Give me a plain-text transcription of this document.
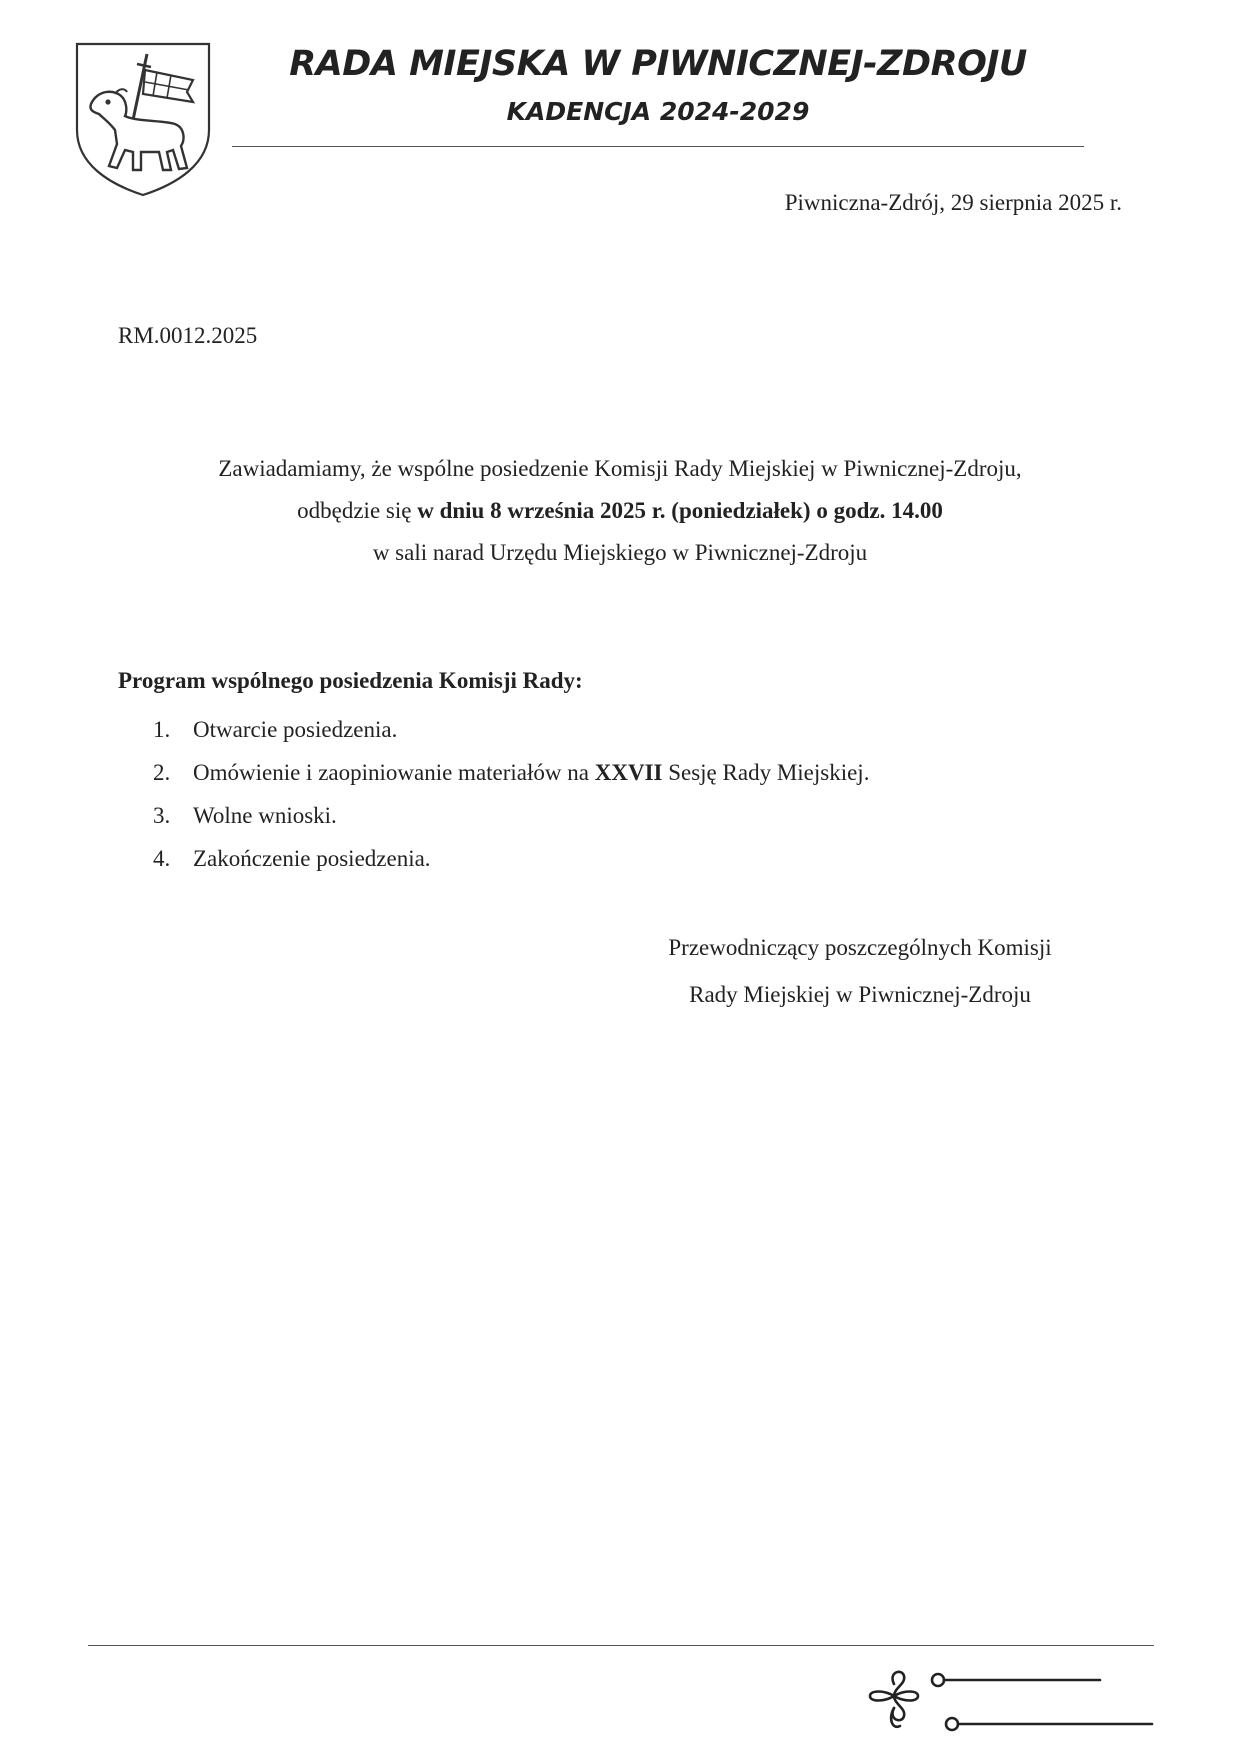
RADA MIEJSKA W PIWNICZNEJ-ZDROJU
KADENCJA 2024-2029
Piwniczna-Zdrój, 29 sierpnia 2025 r.
RM.0012.2025
Zawiadamiamy, że wspólne posiedzenie Komisji Rady Miejskiej w Piwnicznej-Zdroju,
odbędzie się w dniu 8 września 2025 r. (poniedziałek) o godz. 14.00
w sali narad Urzędu Miejskiego w Piwnicznej-Zdroju
Program wspólnego posiedzenia Komisji Rady:
1. Otwarcie posiedzenia.
2. Omówienie i zaopiniowanie materiałów na XXVII Sesję Rady Miejskiej.
3. Wolne wnioski.
4. Zakończenie posiedzenia.
Przewodniczący poszczególnych Komisji
Rady Miejskiej w Piwnicznej-Zdroju
